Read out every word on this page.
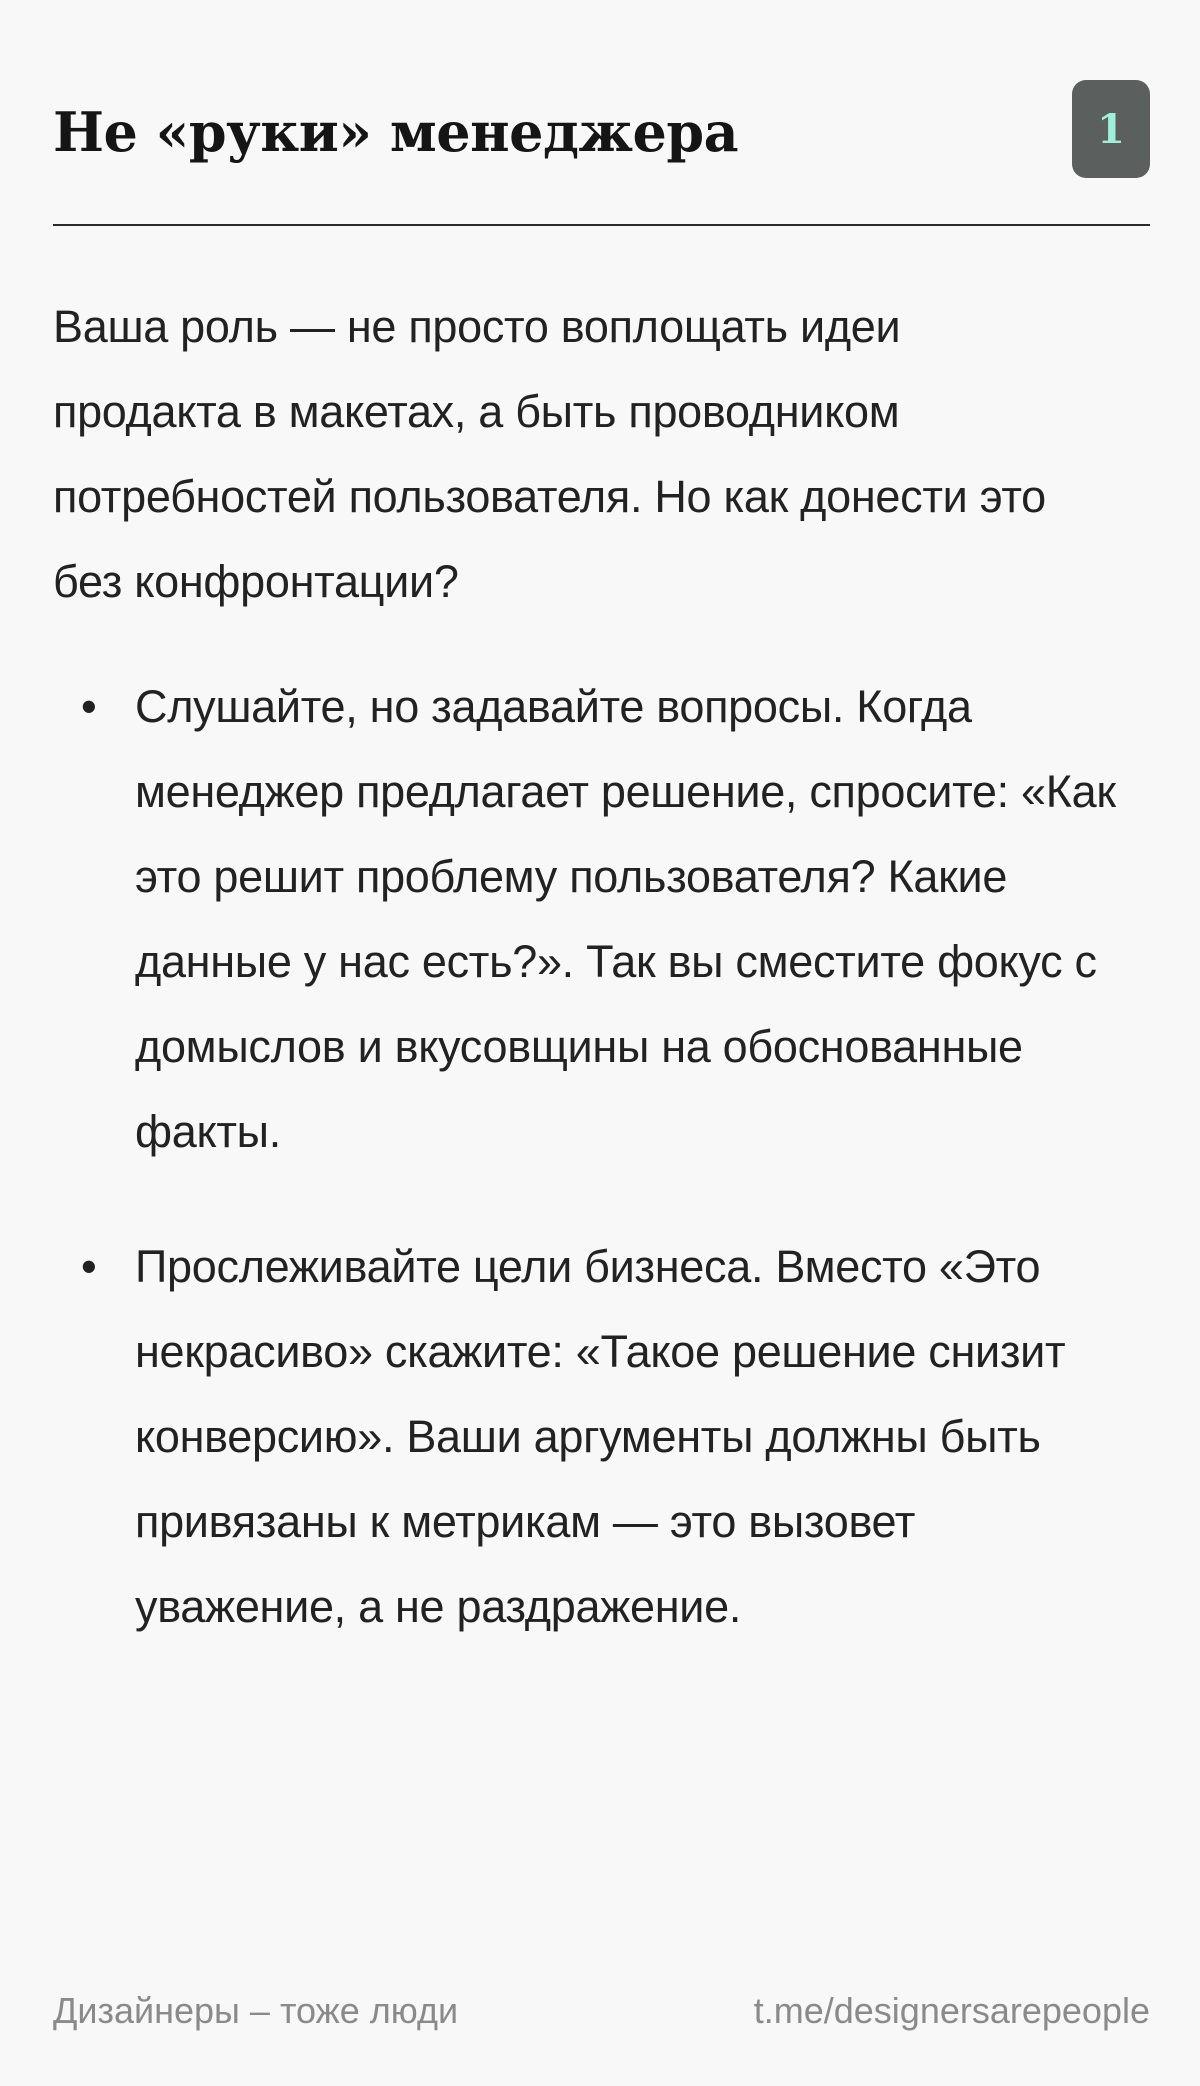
Не «руки» менеджера	1

Ваша роль — не просто воплощать идеи продакта в макетах, а быть проводником потребностей пользователя. Но как донести это без конфронтации?

• Слушайте, но задавайте вопросы. Когда менеджер предлагает решение, спросите: «Как это решит проблему пользователя? Какие данные у нас есть?». Так вы сместите фокус с домыслов и вкусовщины на обоснованные факты.
• Прослеживайте цели бизнеса. Вместо «Это некрасиво» скажите: «Такое решение снизит конверсию». Ваши аргументы должны быть привязаны к метрикам — это вызовет уважение, а не раздражение.
Дизайнеры – тоже люди	t.me/designersarepeople
